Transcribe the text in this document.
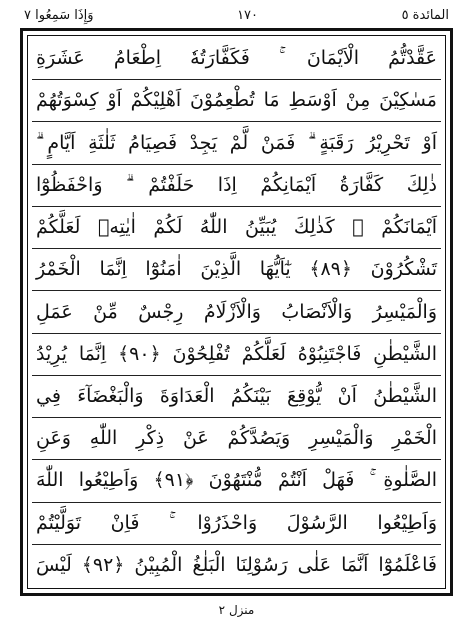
وَإِذَا سَمِعُوا ٧	١٧٠	المائدة ٥
عَقَّدْتُّمُ الْاَيْمَانَ ۚ فَكَفَّارَتُهٗ اِطْعَامُ عَشَرَةِ
مَسٰكِيْنَ مِنْ اَوْسَطِ مَا تُطْعِمُوْنَ اَهْلِيْكُمْ اَوْ كِسْوَتُهُمْ
اَوْ تَحْرِيْرُ رَقَبَةٍ ۗ فَمَنْ لَّمْ يَجِدْ فَصِيَامُ ثَلٰثَةِ اَيَّامٍ ۗ
ذٰلِكَ كَفَّارَةُ اَيْمَانِكُمْ اِذَا حَلَفْتُمْ ۗ وَاحْفَظُوْٓا
اَيْمَانَكُمْ ۗ كَذٰلِكَ يُبَيِّنُ اللّٰهُ لَكُمْ اٰيٰتِهٖ لَعَلَّكُمْ
تَشْكُرُوْنَ ﴿٨٩﴾ يٰٓاَيُّهَا الَّذِيْنَ اٰمَنُوْٓا اِنَّمَا الْخَمْرُ
وَالْمَيْسِرُ وَالْاَنْصَابُ وَالْاَزْلَامُ رِجْسٌ مِّنْ عَمَلِ
الشَّيْطٰنِ فَاجْتَنِبُوْهُ لَعَلَّكُمْ تُفْلِحُوْنَ ﴿٩٠﴾ اِنَّمَا يُرِيْدُ
الشَّيْطٰنُ اَنْ يُّوْقِعَ بَيْنَكُمُ الْعَدَاوَةَ وَالْبَغْضَآءَ فِي
الْخَمْرِ وَالْمَيْسِرِ وَيَصُدَّكُمْ عَنْ ذِكْرِ اللّٰهِ وَعَنِ
الصَّلٰوةِ ۚ فَهَلْ اَنْتُمْ مُّنْتَهُوْنَ ﴿٩١﴾ وَاَطِيْعُوا اللّٰهَ
وَاَطِيْعُوا الرَّسُوْلَ وَاحْذَرُوْا ۚ فَاِنْ تَوَلَّيْتُمْ
فَاعْلَمُوْٓا اَنَّمَا عَلٰى رَسُوْلِنَا الْبَلٰغُ الْمُبِيْنُ ﴿٩٢﴾ لَيْسَ
منزل ٢
